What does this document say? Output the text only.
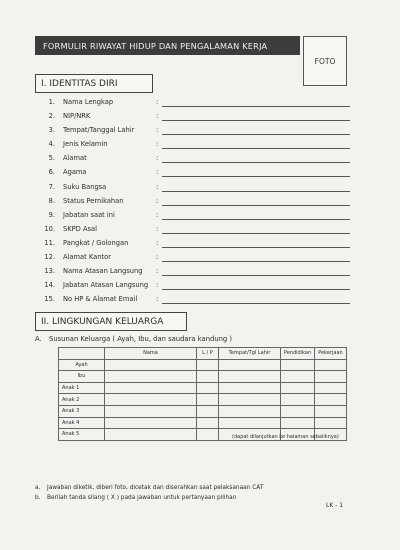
FORMULIR RIWAYAT HIDUP DAN PENGALAMAN KERJA
FOTO
I. IDENTITAS DIRI
1. Nama Lengkap	:
2. NIP/NRK	:
3. Tempat/Tanggal Lahir	:
4. Jenis Kelamin	:
5. Alamat	:
6. Agama	:
7. Suku Bangsa	:
8. Status Pernikahan	:
9. Jabatan saat ini	:
10. SKPD Asal	:
11. Pangkat / Golongan	:
12. Alamat Kantor	:
13. Nama Atasan Langsung :
14. Jabatan Atasan Langsung :
15. No HP & Alamat Email	:
II. LINGKUNGAN KELUARGA
A. Susunan Keluarga ( Ayah, Ibu, dan saudara kandung )
	Nama	L / P	Tempat/Tgl Lahir	Pendidikan	Pekerjaan
Ayah					
Ibu					
Anak 1					
Anak 2					
Anak 3					
Anak 4					
Anak 5						(dapat dilanjutkan ke halaman sebaliknya)
a. Jawaban diketik, diberi foto, dicetak dan diserahkan saat pelaksanaan CAT
b. Berilah tanda silang ( X ) pada jawaban untuk pertanyaan pilihan
LK - 1
